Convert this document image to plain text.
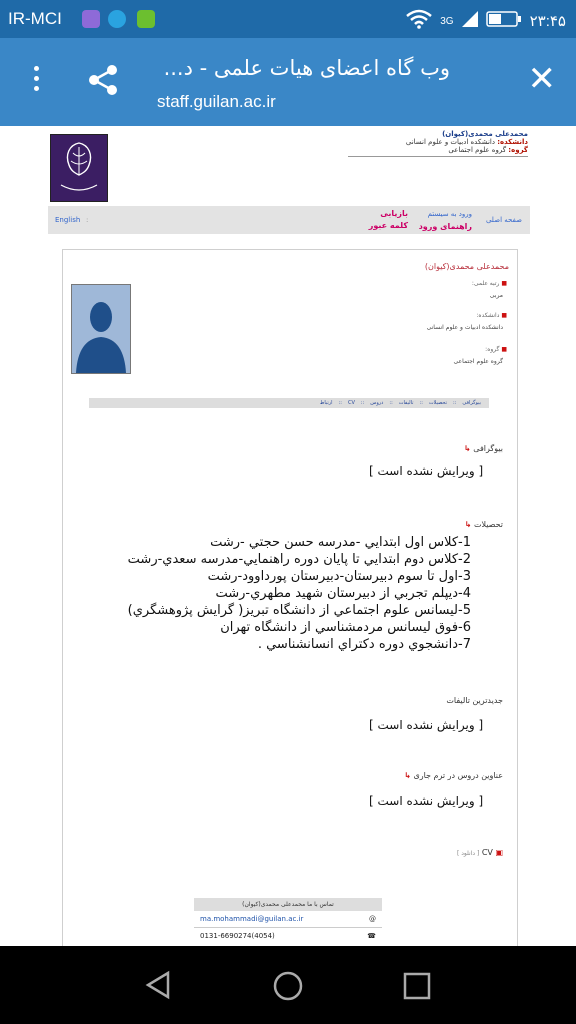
IR-MCI	3G	۲۳:۴۵
وب گاه اعضای هیات علمی - د...
staff.guilan.ac.ir
✕
محمدعلی محمدی(کیوان)
دانشکده: دانشکده ادبیات و علوم انسانی
گروه: گروه علوم اجتماعی
English :	صفحه اصلی
ورود به سیستم
راهنمای ورود
بازیابی
کلمه عبور
محمدعلی محمدی(کیوان)
■ رتبه علمی:
مربی
■ دانشکده:
دانشکده ادبیات و علوم انسانی
■ گروه:
گروه علوم اجتماعی
بیوگرافی
::
تحصیلات
::
تالیفات
::
دروس
::
CV
::
ارتباط
بیوگرافی ↳
[ ویرایش نشده است ]
تحصیلات ↳
1-کلاس اول ابتدايي -مدرسه حسن حجتي -رشت
2-کلاس دوم ابتدايي تا پايان دوره راهنمايي-مدرسه سعدي-رشت
3-اول تا سوم دبيرستان-دبيرستان پورداوود-رشت
4-ديپلم تجربي از دبيرستان شهيد مطهري-رشت
5-ليسانس علوم اجتماعي از دانشگاه تبريز( گرايش پژوهشگري)
6-فوق ليسانس مردمشناسي از دانشگاه تهران
7-دانشجوي دوره دکتراي انسانشناسي .
جدیدترین تالیفات
[ ویرایش نشده است ]
عناوین دروس در ترم جاری ↳
[ ویرایش نشده است ]
▣ CV [ دانلود ]
تماس با ما محمدعلی محمدی(کیوان)
ma.mohammadi@guilan.ac.ir	@
0131-6690274(4054)	☎
